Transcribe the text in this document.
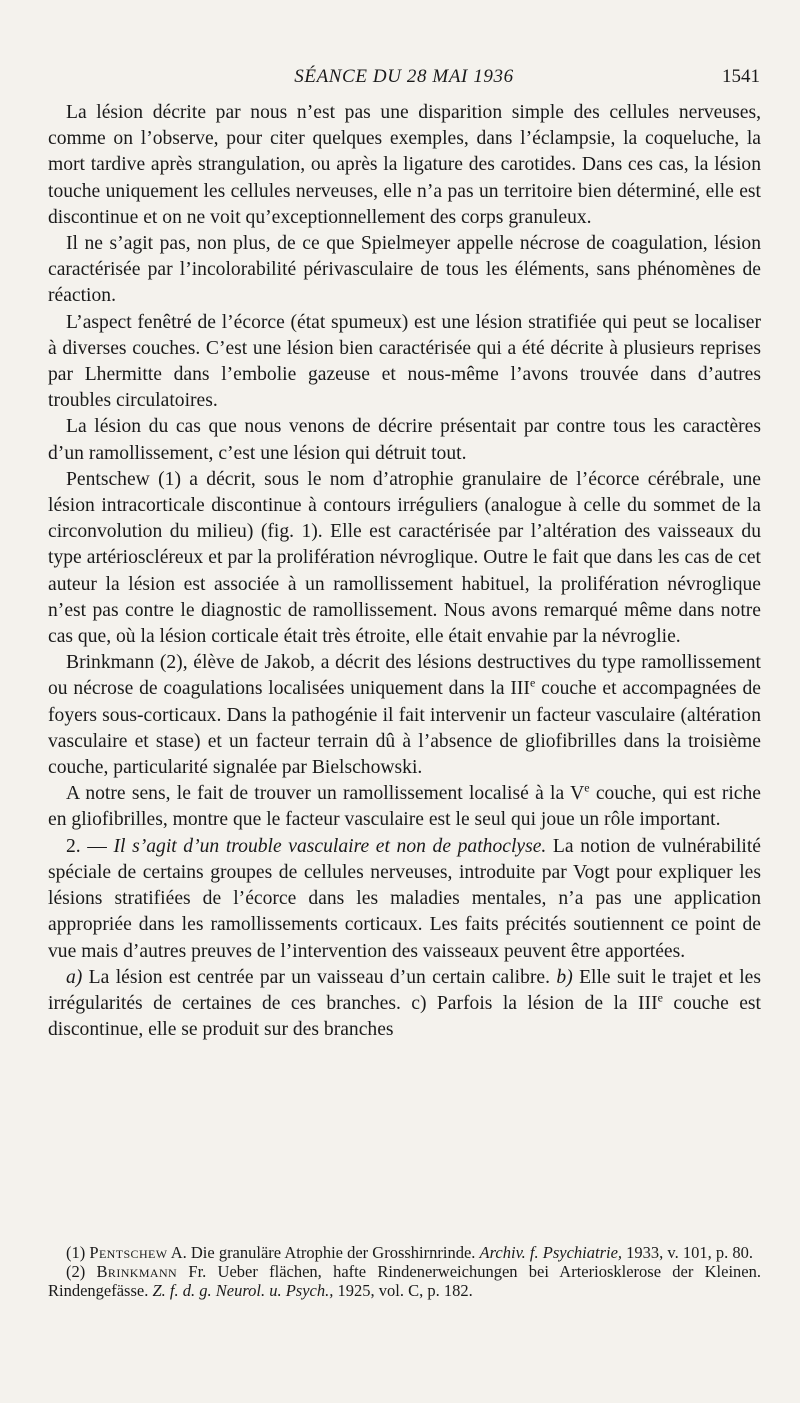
SÉANCE DU 28 MAI 1936	1541

La lésion décrite par nous n’est pas une disparition simple des cellules nerveuses, comme on l’observe, pour citer quelques exemples, dans l’éclampsie, la coqueluche, la mort tardive après strangulation, ou après la ligature des carotides. Dans ces cas, la lésion touche uniquement les cellules nerveuses, elle n’a pas un territoire bien déterminé, elle est discontinue et on ne voit qu’exceptionnellement des corps granuleux.

Il ne s’agit pas, non plus, de ce que Spielmeyer appelle nécrose de coagulation, lésion caractérisée par l’incolorabilité périvasculaire de tous les éléments, sans phénomènes de réaction.

L’aspect fenêtré de l’écorce (état spumeux) est une lésion stratifiée qui peut se localiser à diverses couches. C’est une lésion bien caractérisée qui a été décrite à plusieurs reprises par Lhermitte dans l’embolie gazeuse et nous-même l’avons trouvée dans d’autres troubles circulatoires.

La lésion du cas que nous venons de décrire présentait par contre tous les caractères d’un ramollissement, c’est une lésion qui détruit tout.

Pentschew (1) a décrit, sous le nom d’atrophie granulaire de l’écorce cérébrale, une lésion intracorticale discontinue à contours irréguliers (analogue à celle du sommet de la circonvolution du milieu) (fig. 1). Elle est caractérisée par l’altération des vaisseaux du type artérioscléreux et par la prolifération névroglique. Outre le fait que dans les cas de cet auteur la lésion est associée à un ramollissement habituel, la prolifération névroglique n’est pas contre le diagnostic de ramollissement. Nous avons remarqué même dans notre cas que, où la lésion corticale était très étroite, elle était envahie par la névroglie.

Brinkmann (2), élève de Jakob, a décrit des lésions destructives du type ramollissement ou nécrose de coagulations localisées uniquement dans la IIIe couche et accompagnées de foyers sous-corticaux. Dans la pathogénie il fait intervenir un facteur vasculaire (altération vasculaire et stase) et un facteur terrain dû à l’absence de gliofibrilles dans la troisième couche, particularité signalée par Bielschowski.

A notre sens, le fait de trouver un ramollissement localisé à la Ve couche, qui est riche en gliofibrilles, montre que le facteur vasculaire est le seul qui joue un rôle important.

2. — Il s’agit d’un trouble vasculaire et non de pathoclyse. La notion de vulnérabilité spéciale de certains groupes de cellules nerveuses, introduite par Vogt pour expliquer les lésions stratifiées de l’écorce dans les maladies mentales, n’a pas une application appropriée dans les ramollissements corticaux. Les faits précités soutiennent ce point de vue mais d’autres preuves de l’intervention des vaisseaux peuvent être apportées.

a) La lésion est centrée par un vaisseau d’un certain calibre. b) Elle suit le trajet et les irrégularités de certaines de ces branches. c) Parfois la lésion de la IIIe couche est discontinue, elle se produit sur des branches

(1) Pentschew A. Die granuläre Atrophie der Grosshirnrinde. Archiv. f. Psychiatrie, 1933, v. 101, p. 80.

(2) Brinkmann Fr. Ueber flächen, hafte Rindenerweichungen bei Arteriosklerose der Kleinen. Rindengefässe. Z. f. d. g. Neurol. u. Psych., 1925, vol. C, p. 182.
